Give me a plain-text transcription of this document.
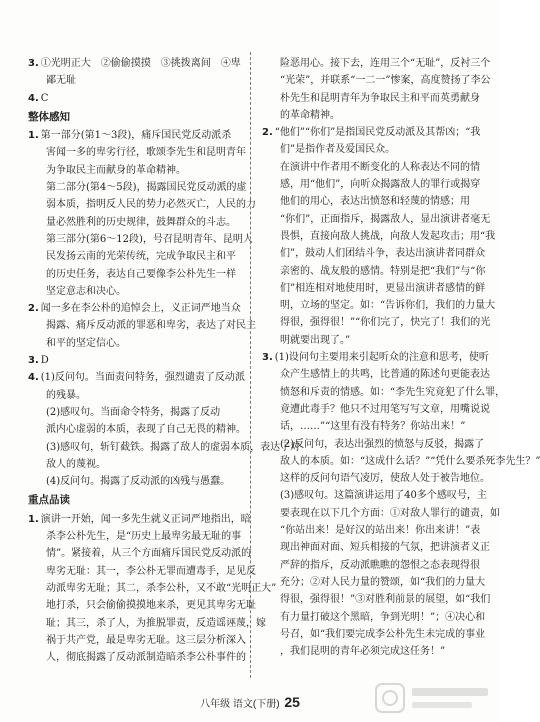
3. ①光明正大　②偷偷摸摸　③挑拨离间　④卑
鄙无耻
4. C
整体感知
1. 第一部分(第1～3段)，痛斥国民党反动派杀
害闻一多的卑劣行径，歌颂李先生和昆明青年
为争取民主而献身的革命精神。
第二部分(第4～5段)，揭露国民党反动派的虚
弱本质，指明反人民的势力必然灭亡，人民的力
量必然胜利的历史规律，鼓舞群众的斗志。
第三部分(第6～12段)，号召昆明青年、昆明人
民发扬云南的光荣传统，完成争取民主和平
的历史任务，表达自己要像李公朴先生一样
坚定意志和决心。
2. 闻一多在李公朴的追悼会上，义正词严地当众
揭露、痛斥反动派的罪恶和卑劣，表达了对民主
和平的坚定信心。
3. D
4. (1)反问句。当面责问特务，强烈谴责了反动派
的残暴。
(2)感叹句。当面命令特务，揭露了反动
派内心虚弱的本质，表现了自己无畏的精神。
(3)感叹句，斩钉截铁。揭露了敌人的虚弱本质，表达了对
敌人的蔑视。
(4)反问句。揭露了反动派的凶残与愚蠢。
重点品读
1. 演讲一开始，闻一多先生就义正词严地指出，暗
杀李公朴先生，是“历史上最卑劣最无耻的事
情”。紧接着，从三个方面痛斥国民党反动派的
卑劣无耻：其一，李公朴无罪而遭毒手，足见反
动派卑劣无耻；其二，杀李公朴，又不敢“光明正大”
地打杀，只会偷偷摸摸地来杀，更见其卑劣无耻
耻；其三，杀了人，为推脱罪责，反造谣诬蔑，嫁
祸于共产党，最是卑劣无耻。这三层分析深入
人，彻底揭露了反动派制造暗杀李公朴事件的
险恶用心。接下去，连用三个“无耻”，反衬三个
“光荣”，并联系“一二一”惨案，高度赞扬了李公
朴先生和昆明青年为争取民主和平而英勇献身
的革命精神。
2. “他们”“你们”是指国民党反动派及其帮凶；“我
们”是指作者及爱国民众。
在演讲中作者用不断变化的人称表达不同的情
感，用“他们”，向听众揭露敌人的罪行或揭穿
他们的用心，表达出愤怒和轻蔑的情感；用
“你们”，正面指斥，揭露敌人，显出演讲者毫无
畏惧，直接向敌人挑战，向敌人发起攻击；用“我
们”，鼓动人们团结斗争，表达出演讲者同群众
亲密的、战友般的感情。特别是把“我们”与“你
们”相连相对地使用时，更显出演讲者感情的鲜
明，立场的坚定。如：“告诉你们，我们的力量大
得很，强得很！”“你们完了，快完了！我们的光
明就要出现了。”
3. (1)设问句主要用来引起听众的注意和思考，使听
众产生感情上的共鸣，比普通的陈述句更能表达
愤怒和斥责的情感。如：“李先生究竟犯了什么罪，
竟遭此毒手？他只不过用笔写写文章，用嘴说说
话，……”“这里有没有特务？你站出来！”
(2)反问句，表达出强烈的愤怒与反驳，揭露了
敌人的本质。如：“这成什么话？”“凭什么要杀死李先生？”
这样的反问句语气凌厉，使敌人处于被告地位。
(3)感叹句。这篇演讲运用了40多个感叹号，主
要表现在以下几个方面：①对敌人罪行的谴责，如
“你站出来！是好汉的站出来！你出来讲！”表
现出神面对面、短兵相接的气氛，把讲演者义正
严辞的指斥，反动派瞧瞧的怨恨之态表现得很
充分；②对人民力量的赞颂，如“我们的力量大
得很，强得很！”③对胜利前景的展望，如“我们
有力量打破这个黑暗，争到光明！”；④决心和
号召，如“我们要完成李公朴先生未完成的事业
，我们昆明的青年必须完成这任务！”
八年级 语文(下册) 25
